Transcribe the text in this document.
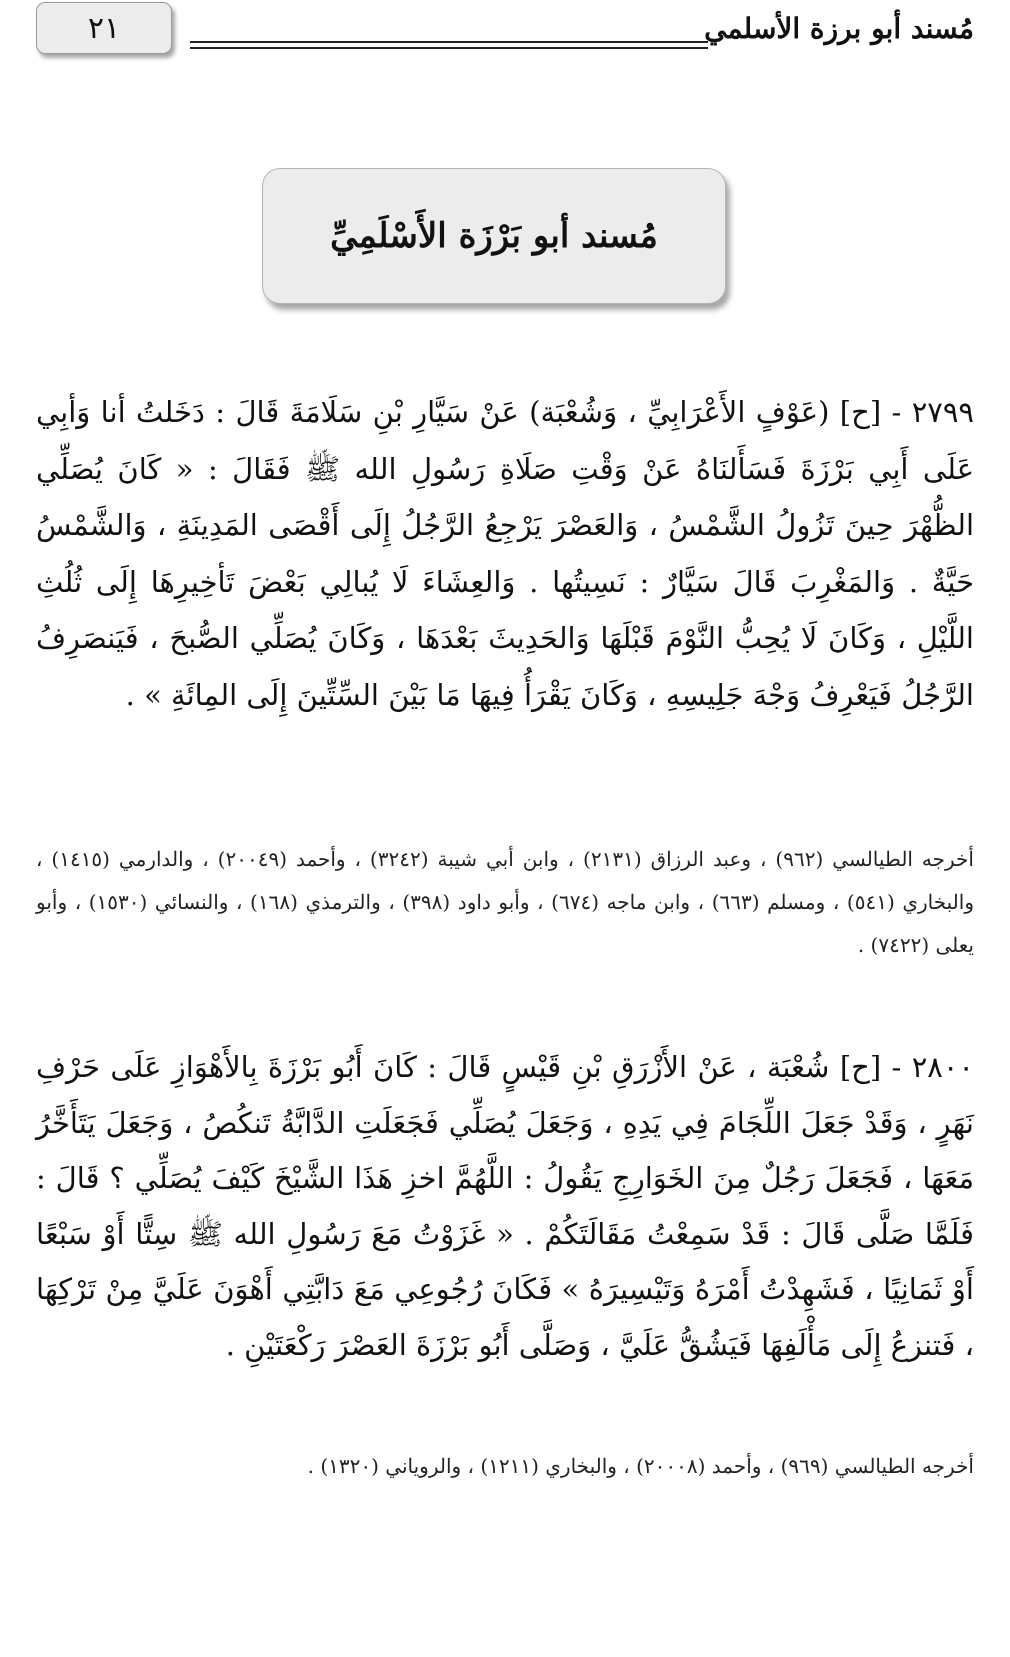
٢١	مُسند أبو برزة الأسلمي
مُسند أبو بَرْزَة الأَسْلَمِيِّ
٢٧٩٩ - [ح] (عَوْفٍ الأَعْرَابِيِّ ، وَشُعْبَة) عَنْ سَيَّارِ بْنِ سَلَامَةَ قَالَ : دَخَلتُ أنا وَأبِي عَلَى أَبِي بَرْزَةَ فَسَأَلنَاهُ عَنْ وَقْتِ صَلَاةِ رَسُولِ الله ﷺ فَقَالَ : « كَانَ يُصَلِّي الظُّهْرَ حِينَ تَزُولُ الشَّمْسُ ، وَالعَصْرَ يَرْجِعُ الرَّجُلُ إِلَى أَقْصَى المَدِينَةِ ، وَالشَّمْسُ حَيَّةٌ . وَالمَغْرِبَ قَالَ سَيَّارٌ : نَسِيتُها . وَالعِشَاءَ لَا يُبالِي بَعْضَ تَأخِيرِهَا إِلَى ثُلُثِ اللَّيْلِ ، وَكَانَ لَا يُحِبُّ النَّوْمَ قَبْلَهَا وَالحَدِيثَ بَعْدَهَا ، وَكَانَ يُصَلِّي الصُّبحَ ، فَيَنصَرِفُ الرَّجُلُ فَيَعْرِفُ وَجْهَ جَلِيسِهِ ، وَكَانَ يَقْرَأُ فِيهَا مَا بَيْنَ السِّتِّينَ إِلَى المِائَةِ » .
أخرجه الطيالسي (٩٦٢) ، وعبد الرزاق (٢١٣١) ، وابن أبي شيبة (٣٢٤٢) ، وأحمد (٢٠٠٤٩) ، والدارمي (١٤١٥) ، والبخاري (٥٤١) ، ومسلم (٦٦٣) ، وابن ماجه (٦٧٤) ، وأبو داود (٣٩٨) ، والترمذي (١٦٨) ، والنسائي (١٥٣٠) ، وأبو يعلى (٧٤٢٢) .
٢٨٠٠ - [ح] شُعْبَة ، عَنْ الأَزْرَقِ بْنِ قَيْسٍ قَالَ : كَانَ أَبُو بَرْزَةَ بِالأَهْوَازِ عَلَى حَرْفِ نَهَرٍ ، وَقَدْ جَعَلَ اللِّجَامَ فِي يَدِهِ ، وَجَعَلَ يُصَلِّي فَجَعَلَتِ الدَّابَّةُ تَنكُصُ ، وَجَعَلَ يَتَأَخَّرُ مَعَهَا ، فَجَعَلَ رَجُلٌ مِنَ الخَوَارِجِ يَقُولُ : اللَّهُمَّ اخزِ هَذَا الشَّيْخَ كَيْفَ يُصَلِّي ؟ قَالَ : فَلَمَّا صَلَّى قَالَ : قَدْ سَمِعْتُ مَقَالَتَكُمْ . « غَزَوْتُ مَعَ رَسُولِ الله ﷺ سِتًّا أَوْ سَبْعًا أَوْ ثَمَانِيًا ، فَشَهِدْتُ أَمْرَهُ وَتَيْسِيرَهُ » فَكَانَ رُجُوعِي مَعَ دَابَّتِي أَهْوَنَ عَلَيَّ مِنْ تَرْكِهَا ، فَتنزعُ إِلَى مَأْلَفِهَا فَيَشُقُّ عَلَيَّ ، وَصَلَّى أَبُو بَرْزَةَ العَصْرَ رَكْعَتَيْنِ .
أخرجه الطيالسي (٩٦٩) ، وأحمد (٢٠٠٠٨) ، والبخاري (١٢١١) ، والروياني (١٣٢٠) .
